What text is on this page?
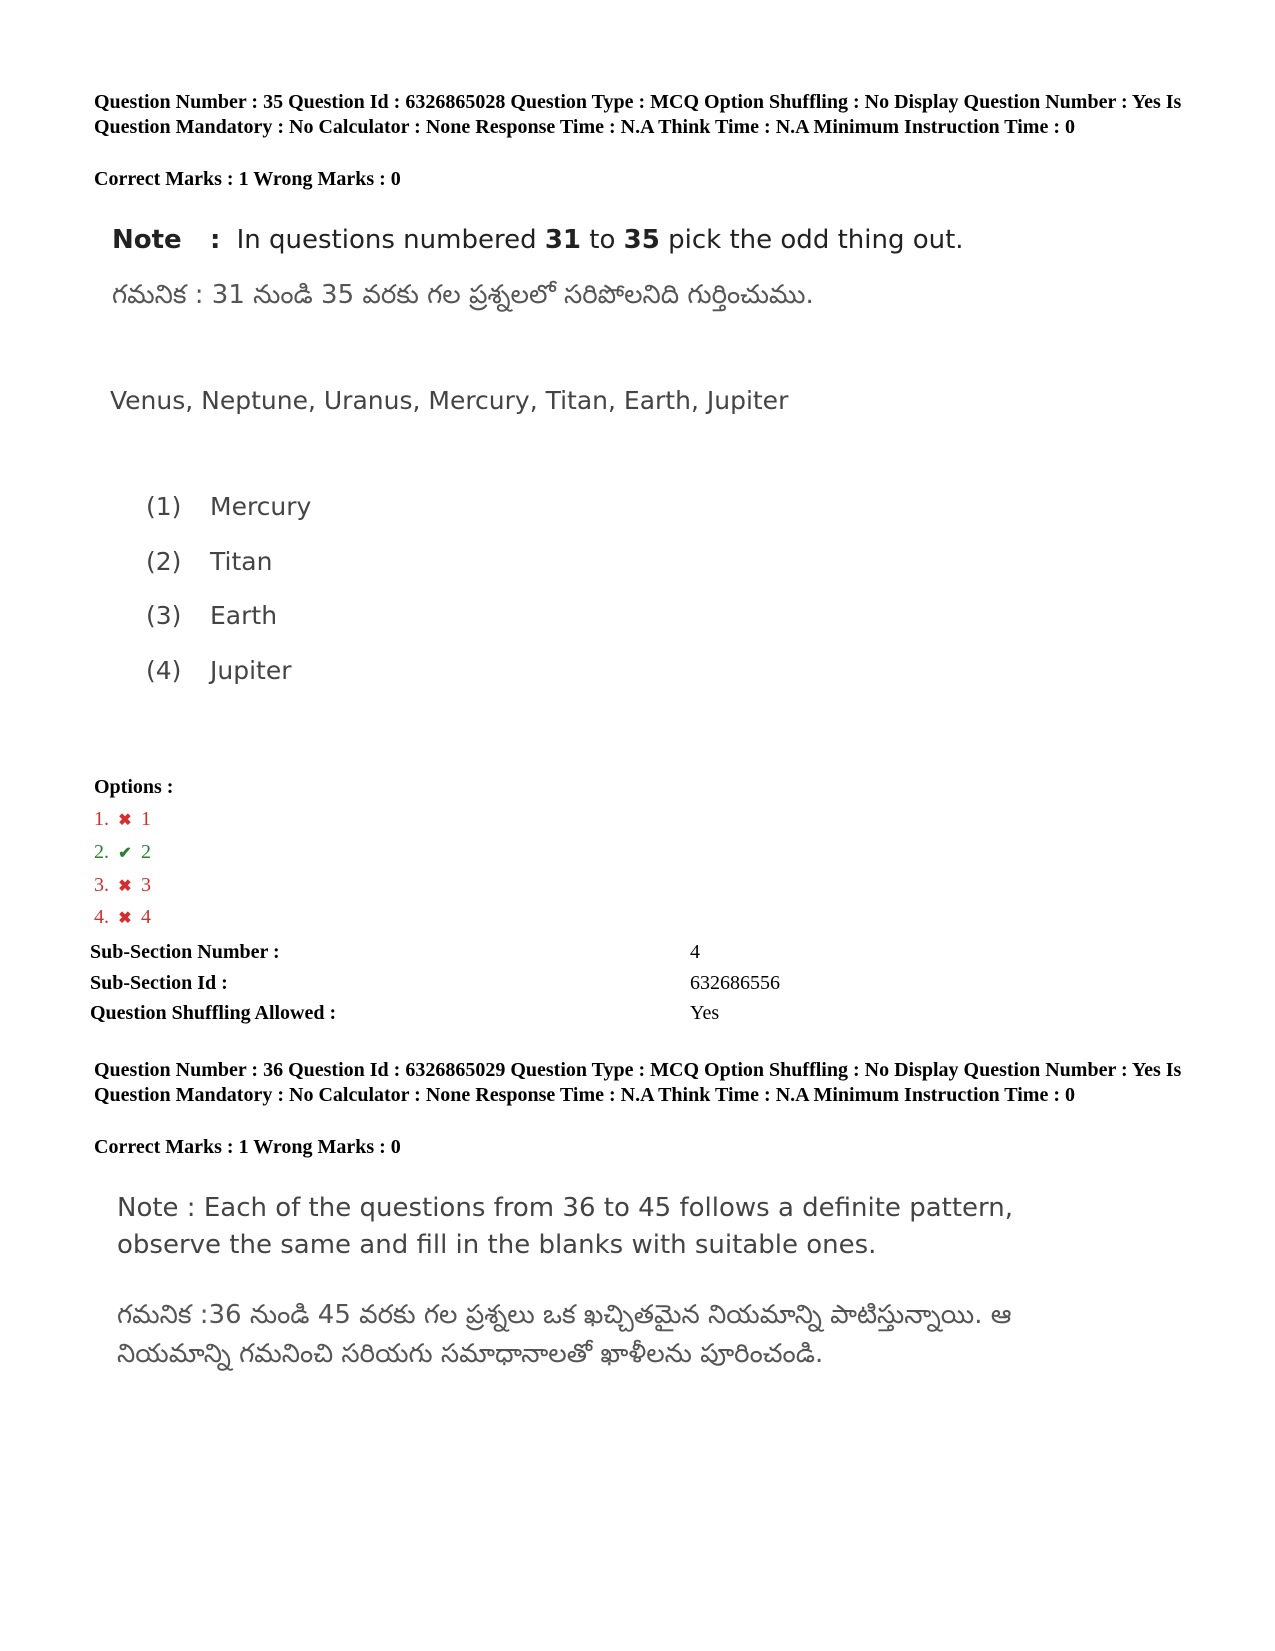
Question Number : 35 Question Id : 6326865028 Question Type : MCQ Option Shuffling : No Display Question Number : Yes Is Question Mandatory : No Calculator : None Response Time : N.A Think Time : N.A Minimum Instruction Time : 0
Correct Marks : 1 Wrong Marks : 0
Note : In questions numbered 31 to 35 pick the odd thing out.
గమనిక : 31 నుండి 35 వరకు గల ప్రశ్నలలో సరిపోలనిది గుర్తించుము.
Venus, Neptune, Uranus, Mercury, Titan, Earth, Jupiter
(1) Mercury
(2) Titan
(3) Earth
(4) Jupiter
Options :
1. ✖ 1
2. ✔ 2
3. ✖ 3
4. ✖ 4
Sub-Section Number :	4
Sub-Section Id :	632686556
Question Shuffling Allowed :	Yes
Question Number : 36 Question Id : 6326865029 Question Type : MCQ Option Shuffling : No Display Question Number : Yes Is Question Mandatory : No Calculator : None Response Time : N.A Think Time : N.A Minimum Instruction Time : 0
Correct Marks : 1 Wrong Marks : 0
Note : Each of the questions from 36 to 45 follows a definite pattern, observe the same and fill in the blanks with suitable ones.
గమనిక :36 నుండి 45 వరకు గల ప్రశ్నలు ఒక ఖచ్చితమైన నియమాన్ని పాటిస్తున్నాయి. ఆ నియమాన్ని గమనించి సరియగు సమాధానాలతో ఖాళీలను పూరించండి.
